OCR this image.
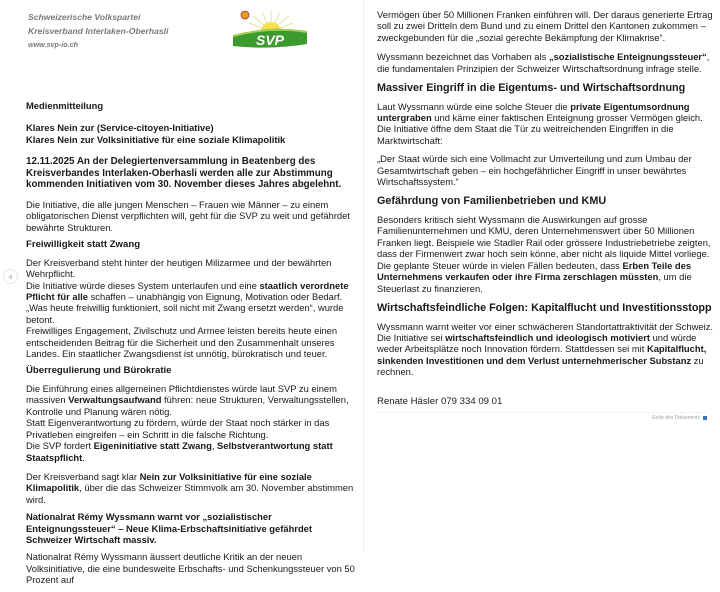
Schweizerische Volkspartei
Kreisverband Interlaken-Oberhasli
www.svp-io.ch	SVP

Medienmitteilung

Klares Nein zur (Service-citoyen-Initiative)
Klares Nein zur Volksinitiative für eine soziale Klimapolitik

12.11.2025 An der Delegiertenversammlung in Beatenberg des Kreisverbandes Interlaken-Oberhasli werden alle zur Abstimmung kommenden Initiativen vom 30. November dieses Jahres abgelehnt.

Die Initiative, die alle jungen Menschen – Frauen wie Männer – zu einem obligatorischen Dienst verpflichten will, geht für die SVP zu weit und gefährdet bewährte Strukturen.

Freiwilligkeit statt Zwang

Der Kreisverband steht hinter der heutigen Milizarmee und der bewährten Wehrpflicht.
Die Initiative würde dieses System unterlaufen und eine staatlich verordnete Pflicht für alle schaffen – unabhängig von Eignung, Motivation oder Bedarf.
„Was heute freiwillig funktioniert, soll nicht mit Zwang ersetzt werden“, wurde betont.
Freiwilliges Engagement, Zivilschutz und Armee leisten bereits heute einen entscheidenden Beitrag für die Sicherheit und den Zusammenhalt unseres Landes. Ein staatlicher Zwangsdienst ist unnötig, bürokratisch und teuer.

Überregulierung und Bürokratie

Die Einführung eines allgemeinen Pflichtdienstes würde laut SVP zu einem massiven Verwaltungsaufwand führen: neue Strukturen, Verwaltungsstellen, Kontrolle und Planung wären nötig.
Statt Eigenverantwortung zu fördern, würde der Staat noch stärker in das Privatleben eingreifen – ein Schritt in die falsche Richtung.
Die SVP fordert Eigeninitiative statt Zwang, Selbstverantwortung statt Staatspflicht.

Der Kreisverband sagt klar Nein zur Volksinitiative für eine soziale Klimapolitik, über die das Schweizer Stimmvolk am 30. November abstimmen wird.

Nationalrat Rémy Wyssmann warnt vor „sozialistischer Enteignungssteuer“ – Neue Klima-Erbschaftsinitiative gefährdet Schweizer Wirtschaft massiv.

Nationalrat Rémy Wyssmann äussert deutliche Kritik an der neuen Volksinitiative, die eine bundesweite Erbschafts- und Schenkungssteuer von 50 Prozent auf

Vermögen über 50 Millionen Franken einführen will. Der daraus generierte Ertrag soll zu zwei Dritteln dem Bund und zu einem Drittel den Kantonen zukommen – zweckgebunden für die „sozial gerechte Bekämpfung der Klimakrise“.

Wyssmann bezeichnet das Vorhaben als „sozialistische Enteignungssteuer“, die fundamentalen Prinzipien der Schweizer Wirtschaftsordnung infrage stelle.

Massiver Eingriff in die Eigentums- und Wirtschaftsordnung

Laut Wyssmann würde eine solche Steuer die private Eigentumsordnung untergraben und käme einer faktischen Enteignung grosser Vermögen gleich. Die Initiative öffne dem Staat die Tür zu weitreichenden Eingriffen in die Marktwirtschaft:

„Der Staat würde sich eine Vollmacht zur Umverteilung und zum Umbau der Gesamtwirtschaft geben – ein hochgefährlicher Eingriff in unser bewährtes Wirtschaftssystem.“

Gefährdung von Familienbetrieben und KMU

Besonders kritisch sieht Wyssmann die Auswirkungen auf grosse Familienunternehmen und KMU, deren Unternehmenswert über 50 Millionen Franken liegt. Beispiele wie Stadler Rail oder grössere Industriebetriebe zeigten, dass der Firmenwert zwar hoch sein könne, aber nicht als liquide Mittel vorliege. Die geplante Steuer würde in vielen Fällen bedeuten, dass Erben Teile des Unternehmens verkaufen oder ihre Firma zerschlagen müssten, um die Steuerlast zu finanzieren.

Wirtschaftsfeindliche Folgen: Kapitalflucht und Investitionsstopp

Wyssmann warnt weiter vor einer schwächeren Standortattraktivität der Schweiz. Die Initiative sei wirtschaftsfeindlich und ideologisch motiviert und würde weder Arbeitsplätze noch Innovation fördern. Stattdessen sei mit Kapitalflucht, sinkenden Investitionen und dem Verlust unternehmerischer Substanz zu rechnen.

Renate Häsler 079 334 09 01
Ende des Dokuments
